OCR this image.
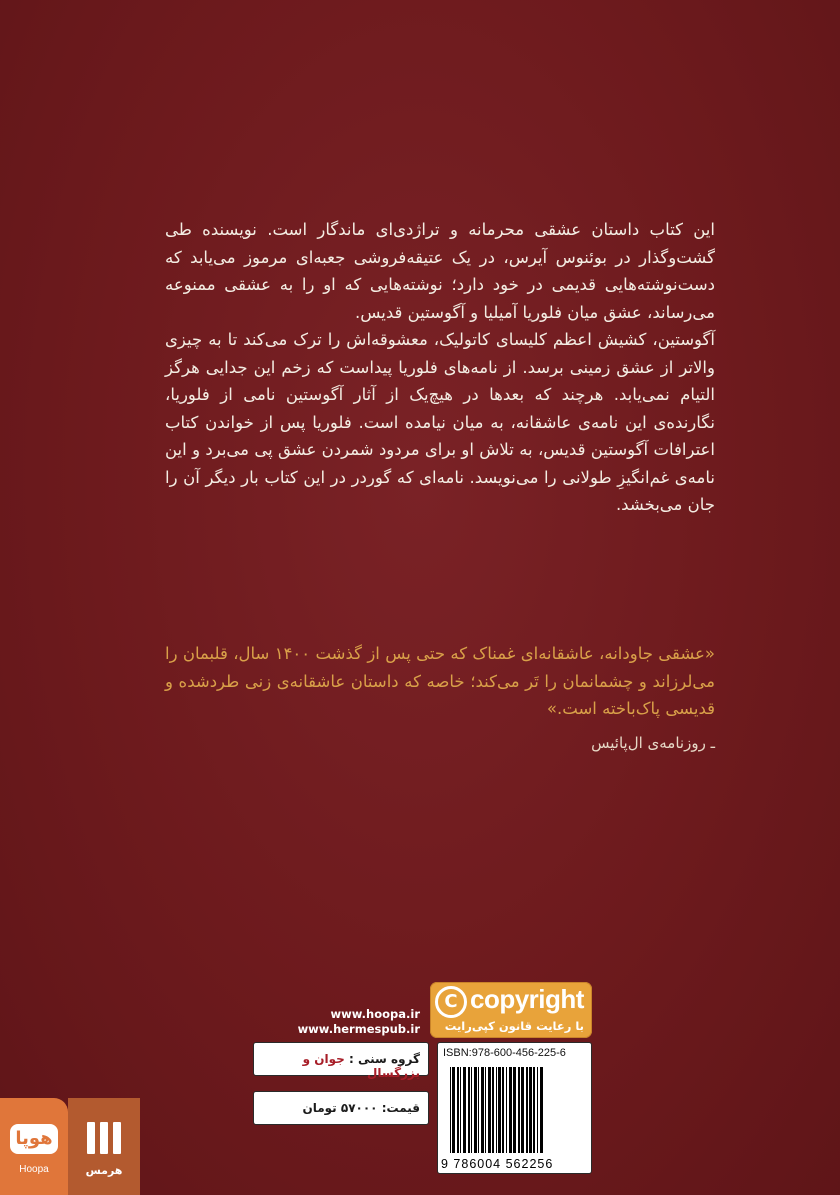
این کتاب داستان عشقی محرمانه و تراژدی‌ای ماندگار است. نویسنده طی گشت‌وگذار در بوئنوس آیرس، در یک عتیقه‌فروشی جعبه‌ای مرموز می‌یابد که دست‌نوشته‌هایی قدیمی در خود دارد؛ نوشته‌هایی که او را به عشقی ممنوعه می‌رساند، عشق میان فلوریا آمیلیا و آگوستین قدیس.

آگوستین، کشیش اعظم کلیسای کاتولیک، معشوقه‌اش را ترک می‌کند تا به چیزی والاتر از عشق زمینی برسد. از نامه‌های فلوریا پیداست که زخم این جدایی هرگز التیام نمی‌یابد. هرچند که بعدها در هیچ‌یک از آثار آگوستین نامی از فلوریا، نگارنده‌ی این نامه‌ی عاشقانه، به میان نیامده است. فلوریا پس از خواندن کتاب اعترافات آگوستین قدیس، به تلاش او برای مردود شمردن عشق پی می‌برد و این نامه‌ی غم‌انگیزِ طولانی را می‌نویسد. نامه‌ای که گوردر در این کتاب بار دیگر آن را جان می‌بخشد.

«عشقی جاودانه، عاشقانه‌ای غمناک که حتی پس از گذشت ۱۴۰۰ سال، قلبمان را می‌لرزاند و چشمانمان را تَر می‌کند؛ خاصه که داستان عاشقانه‌ی زنی طردشده و قدیسی پاک‌باخته است.»

ـ روزنامه‌ی ال‌پائیس
www.hoopa.ir
www.hermespub.ir
C copyright
با رعایت قانون کپی‌رایت
گروه سنی : جوان و بزرگسال
قیمت: ۵۷۰۰۰ تومان
ISBN:978-600-456-225-6
9 786004 562256
هوپا
Hoopa	هرمس
